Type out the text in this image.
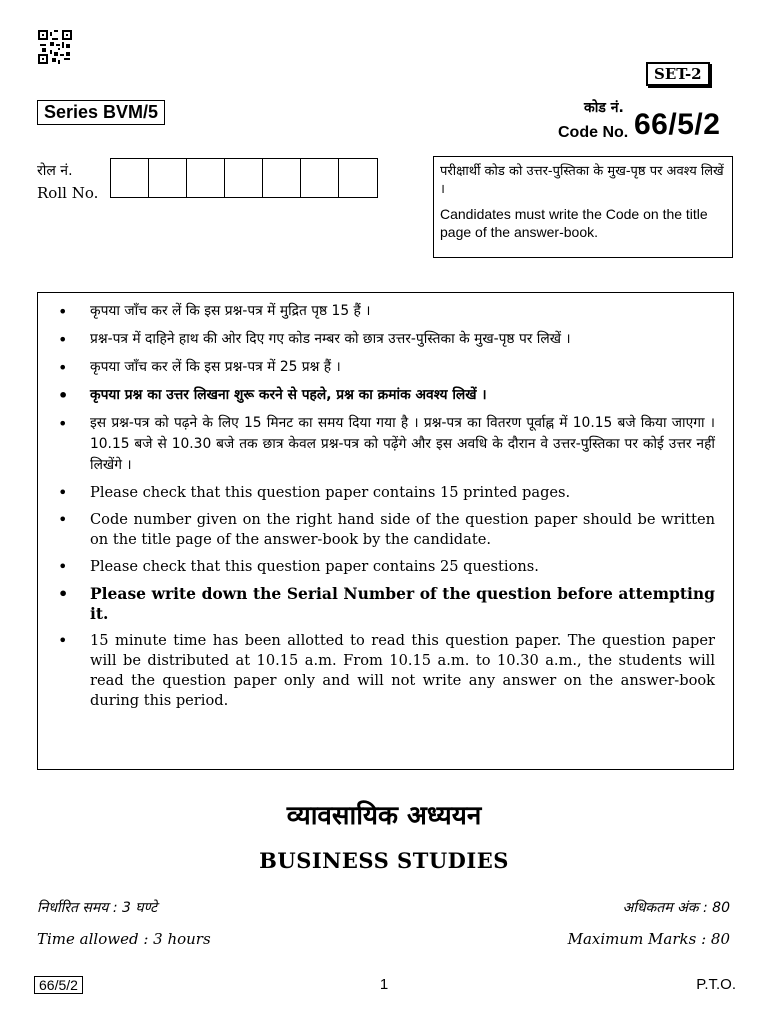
SET-2
Series BVM/5	कोड नं.
Code No. 66/5/2
रोल नं.
Roll No.
परीक्षार्थी कोड को उत्तर-पुस्तिका के मुख-पृष्ठ पर अवश्य लिखें ।
Candidates must write the Code on the title page of the answer-book.
• कृपया जाँच कर लें कि इस प्रश्न-पत्र में मुद्रित पृष्ठ 15 हैं ।
• प्रश्न-पत्र में दाहिने हाथ की ओर दिए गए कोड नम्बर को छात्र उत्तर-पुस्तिका के मुख-पृष्ठ पर लिखें ।
• कृपया जाँच कर लें कि इस प्रश्न-पत्र में 25 प्रश्न हैं ।
• कृपया प्रश्न का उत्तर लिखना शुरू करने से पहले, प्रश्न का क्रमांक अवश्य लिखें ।
• इस प्रश्न-पत्र को पढ़ने के लिए 15 मिनट का समय दिया गया है । प्रश्न-पत्र का वितरण पूर्वाह्न में 10.15 बजे किया जाएगा । 10.15 बजे से 10.30 बजे तक छात्र केवल प्रश्न-पत्र को पढ़ेंगे और इस अवधि के दौरान वे उत्तर-पुस्तिका पर कोई उत्तर नहीं लिखेंगे ।
• Please check that this question paper contains 15 printed pages.
• Code number given on the right hand side of the question paper should be written on the title page of the answer-book by the candidate.
• Please check that this question paper contains 25 questions.
• Please write down the Serial Number of the question before attempting it.
• 15 minute time has been allotted to read this question paper. The question paper will be distributed at 10.15 a.m. From 10.15 a.m. to 10.30 a.m., the students will read the question paper only and will not write any answer on the answer-book during this period.
व्यावसायिक अध्ययन
BUSINESS STUDIES
निर्धारित समय : 3 घण्टे	अधिकतम अंक : 80
Time allowed : 3 hours	Maximum Marks : 80
66/5/2	1	P.T.O.
